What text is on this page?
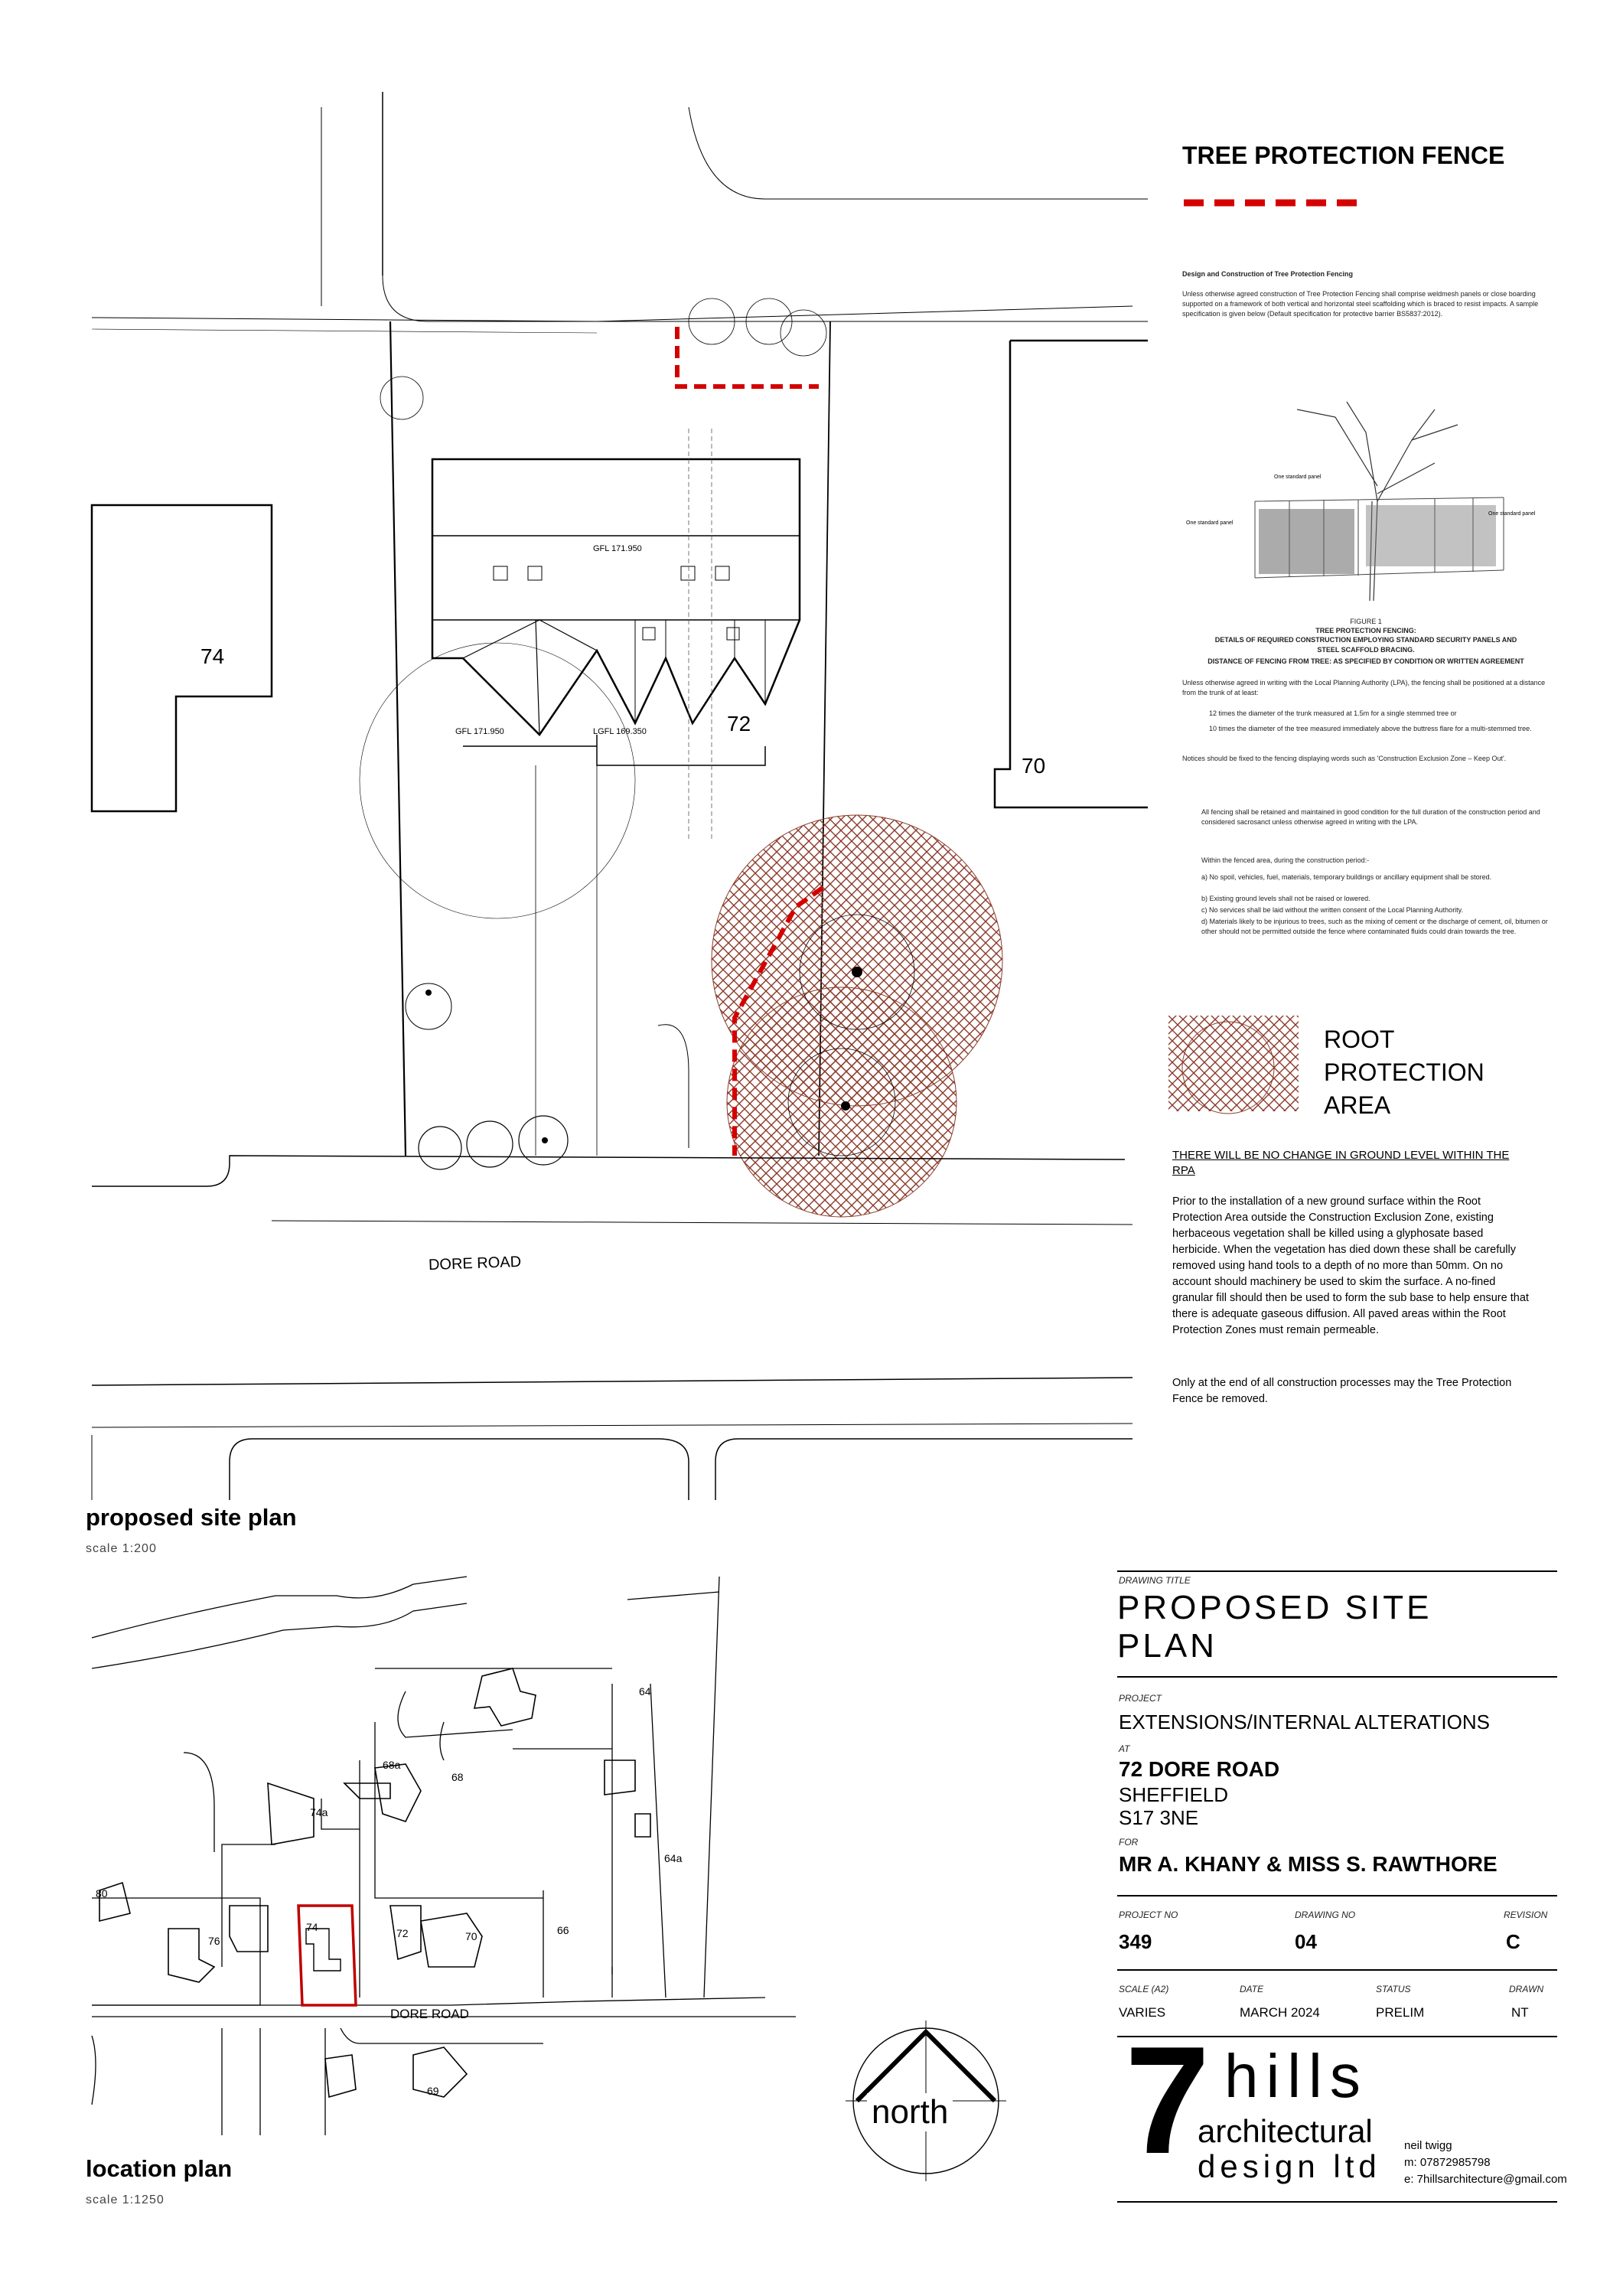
74
72
70
DORE ROAD
GFL 171.950
GFL 171.950	LGFL 169.350
proposed site plan
scale 1:200
TREE PROTECTION FENCE
Design and Construction of Tree Protection Fencing
Unless otherwise agreed construction of Tree Protection Fencing shall comprise weldmesh panels or close boarding supported on a framework of both vertical and horizontal steel scaffolding which is braced to resist impacts. A sample specification is given below (Default specification for protective barrier BS5837:2012).
One standard panel
One standard panel
One standard panel
FIGURE 1
TREE PROTECTION FENCING:
DETAILS OF REQUIRED CONSTRUCTION EMPLOYING STANDARD SECURITY PANELS AND STEEL SCAFFOLD BRACING.
DISTANCE OF FENCING FROM TREE: AS SPECIFIED BY CONDITION OR WRITTEN AGREEMENT
Unless otherwise agreed in writing with the Local Planning Authority (LPA), the fencing shall be positioned at a distance from the trunk of at least:
12 times the diameter of the trunk measured at 1.5m for a single stemmed tree or
10 times the diameter of the tree measured immediately above the buttress flare for a multi-stemmed tree.
Notices should be fixed to the fencing displaying words such as 'Construction Exclusion Zone – Keep Out'.
All fencing shall be retained and maintained in good condition for the full duration of the construction period and considered sacrosanct unless otherwise agreed in writing with the LPA.
Within the fenced area, during the construction period:-
a) No spoil, vehicles, fuel, materials, temporary buildings or ancillary equipment shall be stored.
b) Existing ground levels shall not be raised or lowered.
c) No services shall be laid without the written consent of the Local Planning Authority.
d) Materials likely to be injurious to trees, such as the mixing of cement or the discharge of cement, oil, bitumen or other should not be permitted outside the fence where contaminated fluids could drain towards the tree.
ROOT
PROTECTION
AREA
THERE WILL BE NO CHANGE IN GROUND LEVEL WITHIN THE RPA
Prior to the installation of a new ground surface within the Root Protection Area outside the Construction Exclusion Zone, existing herbaceous vegetation shall be killed using a glyphosate based herbicide. When the vegetation has died down these shall be carefully removed using hand tools to a depth of no more than 50mm. On no account should machinery be used to skim the surface. A no-fined granular fill should then be used to form the sub base to help ensure that there is adequate gaseous diffusion. All paved areas within the Root Protection Zones must remain permeable.
Only at the end of all construction processes may the Tree Protection Fence be removed.
64
68a
68
74a
64a
80
76
74	72	70	66
69
DORE ROAD
north
location plan
scale 1:1250
DRAWING TITLE
PROPOSED SITE
PLAN
PROJECT
EXTENSIONS/INTERNAL ALTERATIONS
AT
72 DORE ROAD
SHEFFIELD
S17 3NE
FOR
MR A. KHANY & MISS S. RAWTHORE
PROJECT NO	DRAWING NO	REVISION
349	04	C
SCALE (A2)	DATE	STATUS	DRAWN
VARIES	MARCH 2024	PRELIM	NT
7 hills
architectural
design ltd
neil twigg
m: 07872985798
e: 7hillsarchitecture@gmail.com
